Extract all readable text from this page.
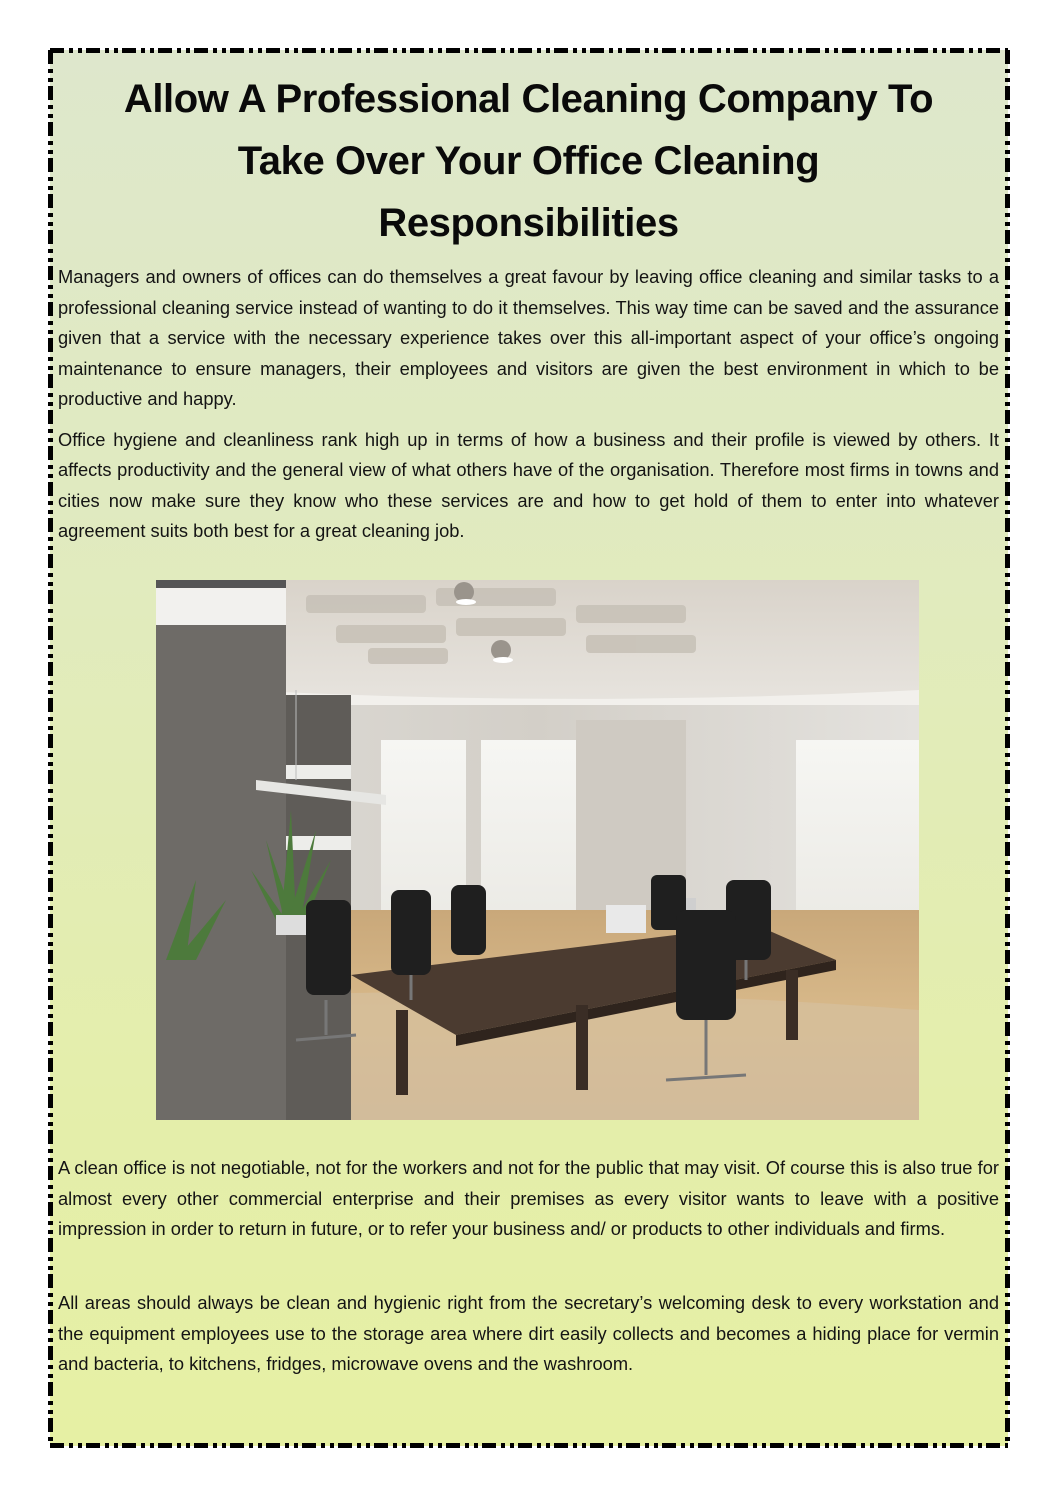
Allow A Professional Cleaning Company To
Take Over Your Office Cleaning
Responsibilities

Managers and owners of offices can do themselves a great favour by leaving office cleaning and similar tasks to a professional cleaning service instead of wanting to do it themselves. This way time can be saved and the assurance given that a service with the necessary experience takes over this all-important aspect of your office’s ongoing maintenance to ensure managers, their employees and visitors are given the best environment in which to be productive and happy.

Office hygiene and cleanliness rank high up in terms of how a business and their profile is viewed by others. It affects productivity and the general view of what others have of the organisation. Therefore most firms in towns and cities now make sure they know who these services are and how to get hold of them to enter into whatever agreement suits both best for a great cleaning job.

A clean office is not negotiable, not for the workers and not for the public that may visit. Of course this is also true for almost every other commercial enterprise and their premises as every visitor wants to leave with a positive impression in order to return in future, or to refer your business and/ or products to other individuals and firms.

All areas should always be clean and hygienic right from the secretary’s welcoming desk to every workstation and the equipment employees use to the storage area where dirt easily collects and becomes a hiding place for vermin and bacteria, to kitchens, fridges, microwave ovens and the washroom.
